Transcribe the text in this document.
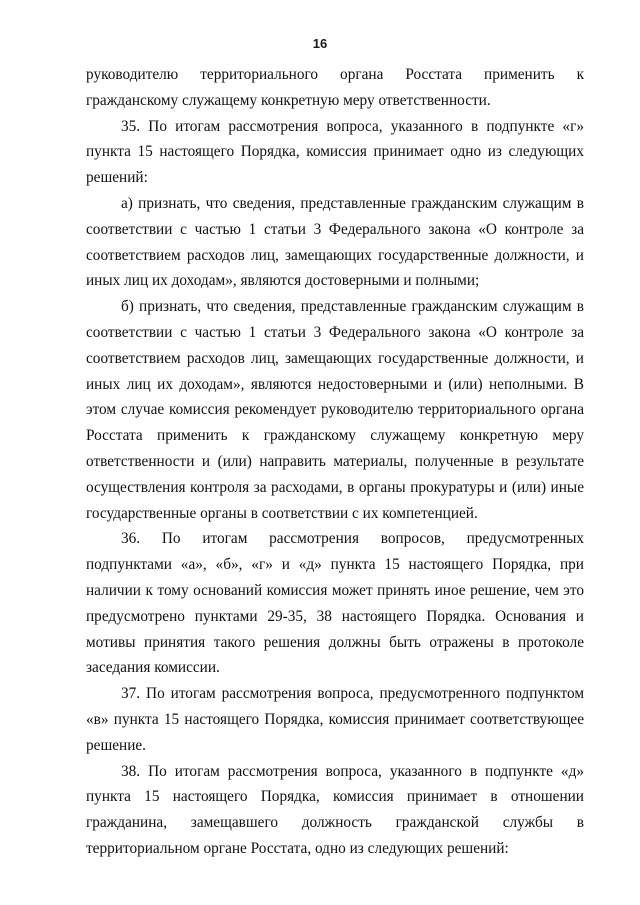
16

руководителю территориального органа Росстата применить к гражданскому служащему конкретную меру ответственности.

35. По итогам рассмотрения вопроса, указанного в подпункте «г» пункта 15 настоящего Порядка, комиссия принимает одно из следующих решений:

а) признать, что сведения, представленные гражданским служащим в соответствии с частью 1 статьи 3 Федерального закона «О контроле за соответствием расходов лиц, замещающих государственные должности, и иных лиц их доходам», являются достоверными и полными;

б) признать, что сведения, представленные гражданским служащим в соответствии с частью 1 статьи 3 Федерального закона «О контроле за соответствием расходов лиц, замещающих государственные должности, и иных лиц их доходам», являются недостоверными и (или) неполными. В этом случае комиссия рекомендует руководителю территориального органа Росстата применить к гражданскому служащему конкретную меру ответственности и (или) направить материалы, полученные в результате осуществления контроля за расходами, в органы прокуратуры и (или) иные государственные органы в соответствии с их компетенцией.

36. По итогам рассмотрения вопросов, предусмотренных подпунктами «а», «б», «г» и «д» пункта 15 настоящего Порядка, при наличии к тому оснований комиссия может принять иное решение, чем это предусмотрено пунктами 29-35, 38 настоящего Порядка. Основания и мотивы принятия такого решения должны быть отражены в протоколе заседания комиссии.

37. По итогам рассмотрения вопроса, предусмотренного подпунктом «в» пункта 15 настоящего Порядка, комиссия принимает соответствующее решение.

38. По итогам рассмотрения вопроса, указанного в подпункте «д» пункта 15 настоящего Порядка, комиссия принимает в отношении гражданина, замещавшего должность гражданской службы в территориальном органе Росстата, одно из следующих решений:
